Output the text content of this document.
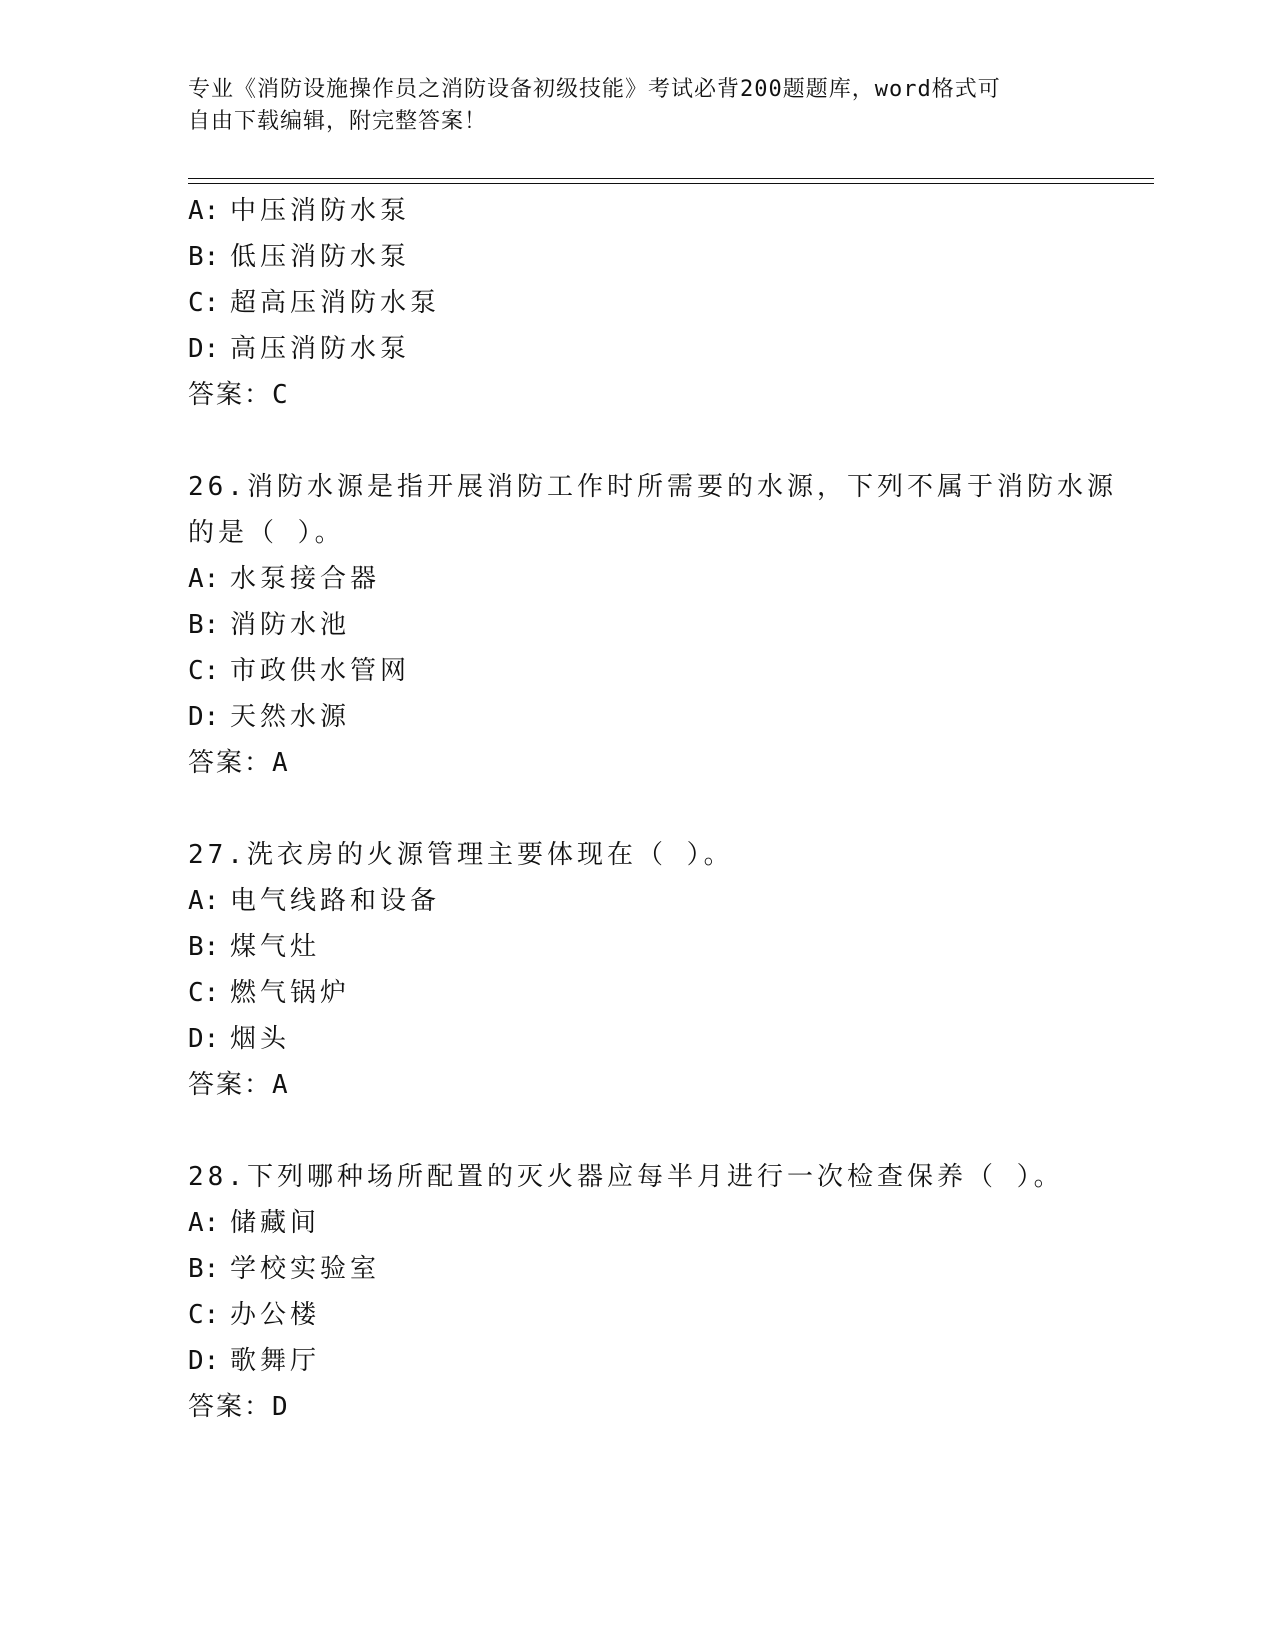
专业《消防设施操作员之消防设备初级技能》考试必背200题题库，word格式可
自由下载编辑，附完整答案！
A: 中压消防水泵
B: 低压消防水泵
C: 超高压消防水泵
D: 高压消防水泵
答案：C
26.消防水源是指开展消防工作时所需要的水源，下列不属于消防水源
的是（ ）。
A: 水泵接合器
B: 消防水池
C: 市政供水管网
D: 天然水源
答案：A
27.洗衣房的火源管理主要体现在（ ）。
A: 电气线路和设备
B: 煤气灶
C: 燃气锅炉
D: 烟头
答案：A
28.下列哪种场所配置的灭火器应每半月进行一次检查保养（ ）。
A: 储藏间
B: 学校实验室
C: 办公楼
D: 歌舞厅
答案：D
